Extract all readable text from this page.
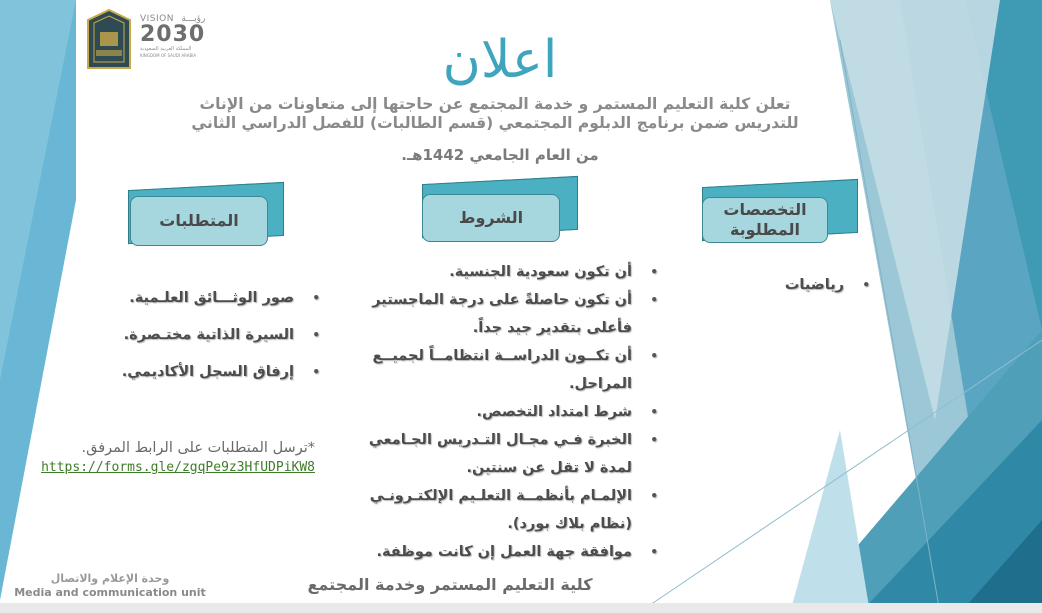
VISION رؤيـــة
2030
المملكة العربية السعودية
KINGDOM OF SAUDI ARABIA	اعلان
تعلن كلية التعليم المستمر و خدمة المجتمع عن حاجتها إلى متعاونات من الإناث
للتدريس ضمن برنامج الدبلوم المجتمعي (قسم الطالبات) للفصل الدراسي الثاني
من العام الجامعي 1442هـ.
المتطلبات	الشروط	التخصصات المطلوبة
• صور الوثـــائق العلـمية.
• السيرة الذاتية مختـصرة.
• إرفاق السجل الأكاديمي.
• أن تكون سعودية الجنسية.
• أن تكون حاصلةً على درجة الماجستير فأعلى بتقدير جيد جداً.
• أن تكــون الدراســة انتظامــاً لجميــع المراحل.
• شرط امتداد التخصص.
• الخبرة فـي مجـال التـدريس الجـامعي لمدة لا تقل عن سنتين.
• الإلمـام بأنظمــة التعلـيم الإلكتـرونـي (نظام بلاك بورد).
• موافقة جهة العمل إن كانت موظفة.
• رياضيات
*ترسل المتطلبات على الرابط المرفق.
https://forms.gle/zgqPe9z3HfUDPiKW8
وحدة الإعلام والاتصال
Media and communication unit	كلية التعليم المستمر وخدمة المجتمع
